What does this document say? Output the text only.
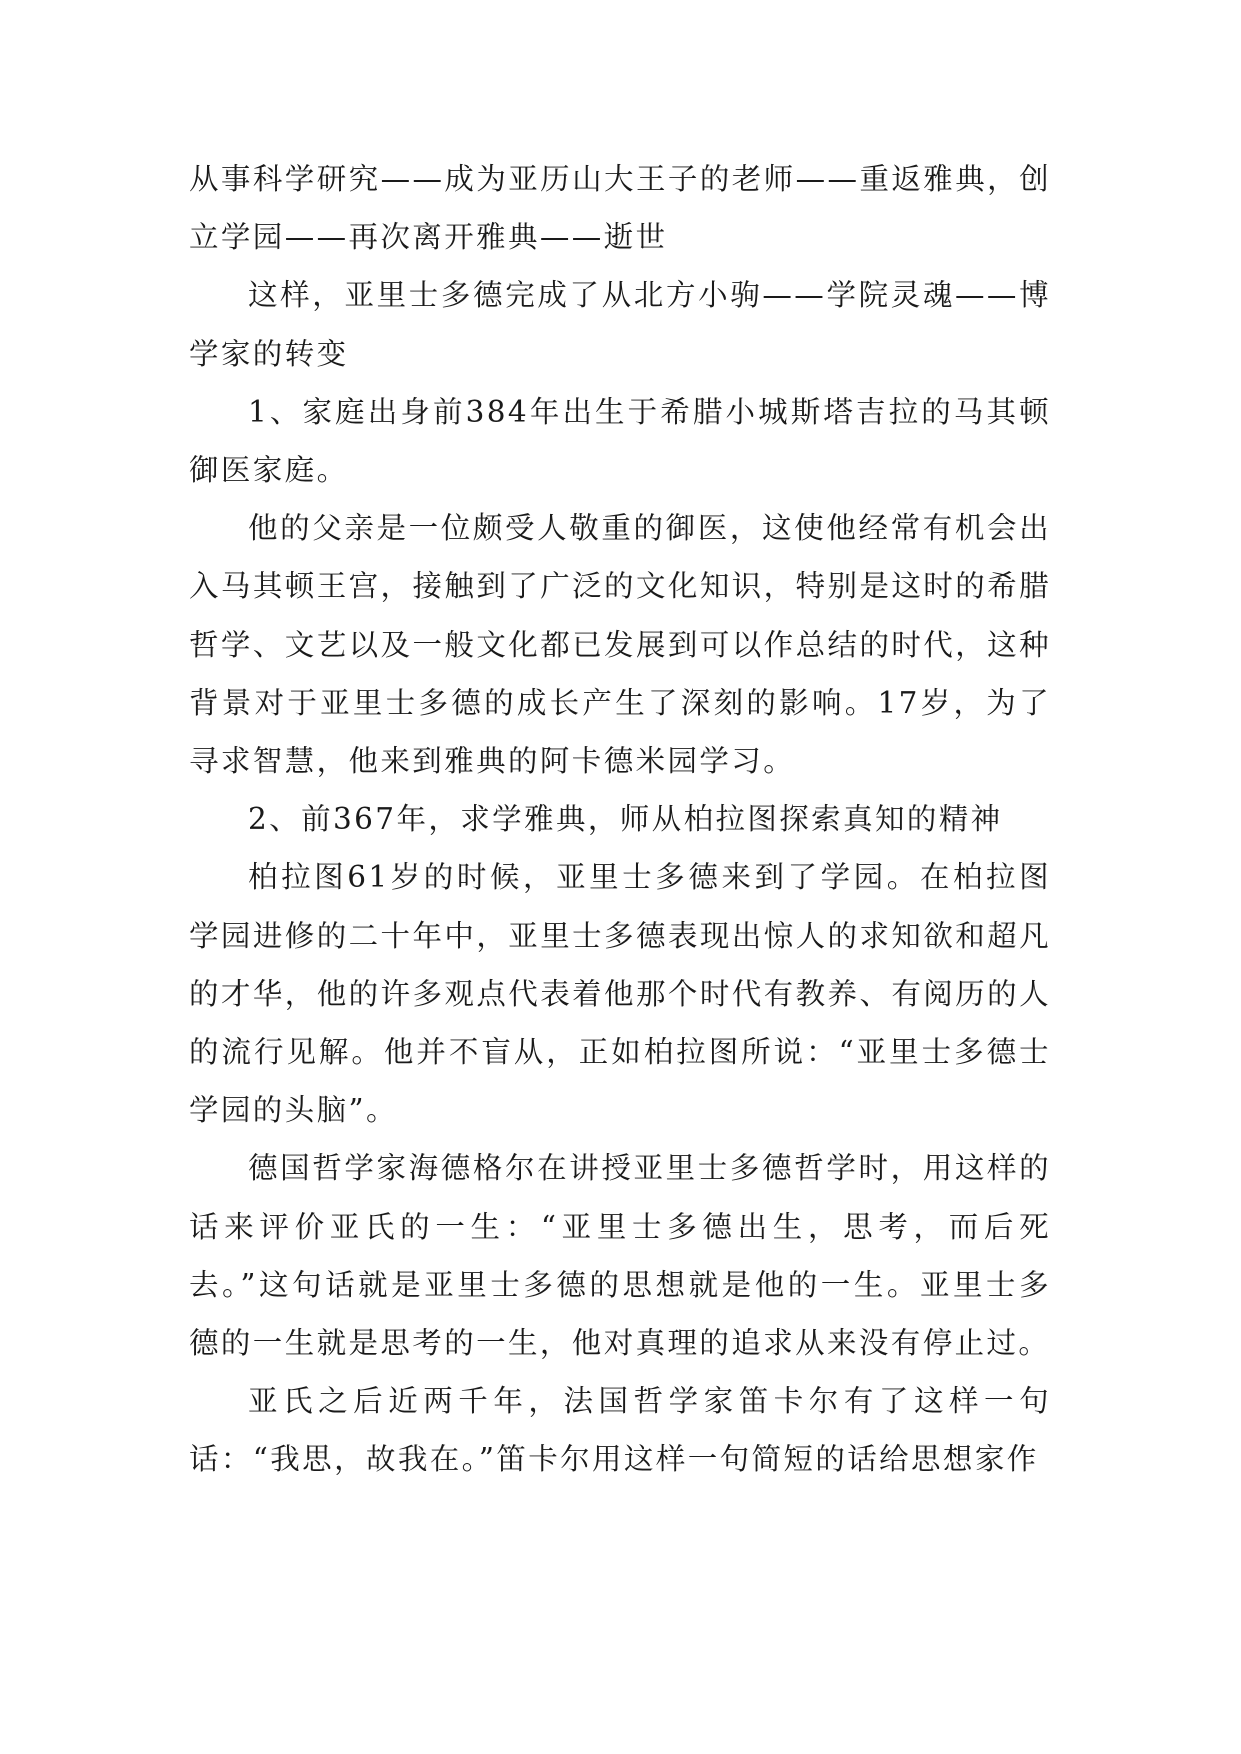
从事科学研究——成为亚历山大王子的老师——重返雅典，创立学园——再次离开雅典——逝世

这样，亚里士多德完成了从北方小驹——学院灵魂——博学家的转变

1、家庭出身前384年出生于希腊小城斯塔吉拉的马其顿御医家庭。

他的父亲是一位颇受人敬重的御医，这使他经常有机会出入马其顿王宫，接触到了广泛的文化知识，特别是这时的希腊哲学、文艺以及一般文化都已发展到可以作总结的时代，这种背景对于亚里士多德的成长产生了深刻的影响。17岁，为了寻求智慧，他来到雅典的阿卡德米园学习。

2、前367年，求学雅典，师从柏拉图探索真知的精神

柏拉图61岁的时候，亚里士多德来到了学园。在柏拉图学园进修的二十年中，亚里士多德表现出惊人的求知欲和超凡的才华，他的许多观点代表着他那个时代有教养、有阅历的人的流行见解。他并不盲从，正如柏拉图所说：“亚里士多德士学园的头脑”。

德国哲学家海德格尔在讲授亚里士多德哲学时，用这样的话来评价亚氏的一生：“亚里士多德出生，思考，而后死去。”这句话就是亚里士多德的思想就是他的一生。亚里士多德的一生就是思考的一生，他对真理的追求从来没有停止过。

亚氏之后近两千年，法国哲学家笛卡尔有了这样一句话：“我思，故我在。”笛卡尔用这样一句简短的话给思想家作
